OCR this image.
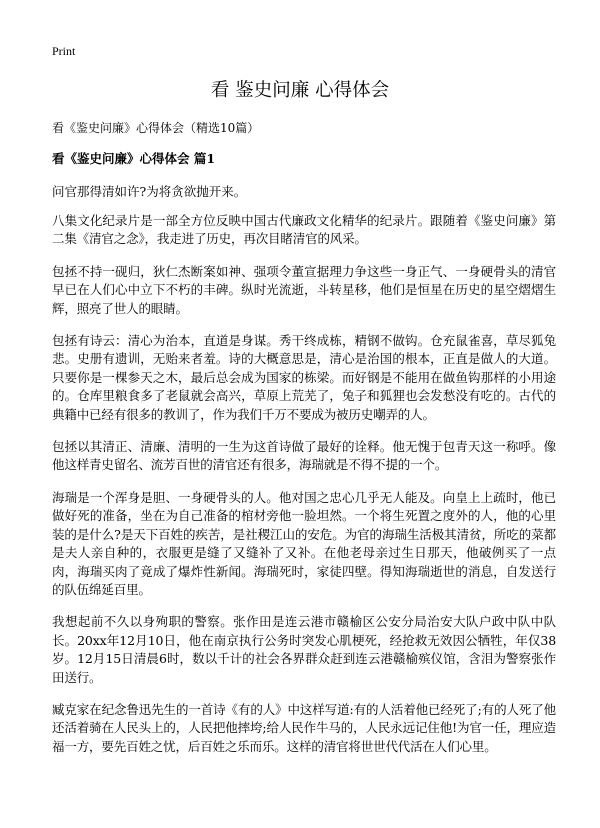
Print
看 鉴史问廉 心得体会
看《鉴史问廉》心得体会（精选10篇）
看《鉴史问廉》心得体会 篇1
问官那得清如许?为将贪欲抛开来。

八集文化纪录片是一部全方位反映中国古代廉政文化精华的纪录片。跟随着《鉴史问廉》第二集《清官之念》，我走进了历史，再次目睹清官的风采。

包拯不持一砚归，狄仁杰断案如神、强项令董宣据理力争这些一身正气、一身硬骨头的清官早已在人们心中立下不朽的丰碑。纵时光流逝，斗转星移，他们是恒星在历史的星空熠熠生辉，照亮了世人的眼睛。

包拯有诗云：清心为治本，直道是身谋。秀干终成栋，精钢不做钩。仓充鼠雀喜，草尽狐兔悲。史册有遗训，无贻来者羞。诗的大概意思是，清心是治国的根本，正直是做人的大道。只要你是一棵参天之木，最后总会成为国家的栋梁。而好钢是不能用在做鱼钩那样的小用途的。仓库里粮食多了老鼠就会高兴，草原上荒芜了，兔子和狐狸也会发愁没有吃的。古代的典籍中已经有很多的教训了，作为我们千万不要成为被历史嘲弄的人。

包拯以其清正、清廉、清明的一生为这首诗做了最好的诠释。他无愧于包青天这一称呼。像他这样青史留名、流芳百世的清官还有很多，海瑞就是不得不提的一个。

海瑞是一个浑身是胆、一身硬骨头的人。他对国之忠心几乎无人能及。向皇上上疏时，他已做好死的准备，坐在为自己准备的棺材旁他一脸坦然。一个将生死置之度外的人，他的心里装的是什么?是天下百姓的疾苦，是社稷江山的安危。为官的海瑞生活极其清贫，所吃的菜都是夫人亲自种的，衣服更是缝了又缝补了又补。在他老母亲过生日那天，他破例买了一点肉，海瑞买肉了竟成了爆炸性新闻。海瑞死时，家徒四壁。得知海瑞逝世的消息，自发送行的队伍绵延百里。

我想起前不久以身殉职的警察。张作田是连云港市赣榆区公安分局治安大队户政中队中队长。20xx年12月10日，他在南京执行公务时突发心肌梗死，经抢救无效因公牺牲，年仅38岁。12月15日清晨6时，数以千计的社会各界群众赶到连云港赣榆殡仪馆，含泪为警察张作田送行。

臧克家在纪念鲁迅先生的一首诗《有的人》中这样写道:有的人活着他已经死了;有的人死了他还活着骑在人民头上的，人民把他摔垮;给人民作牛马的，人民永远记住他!为官一任，理应造福一方，要先百姓之忧，后百姓之乐而乐。这样的清官将世世代代活在人们心里。
